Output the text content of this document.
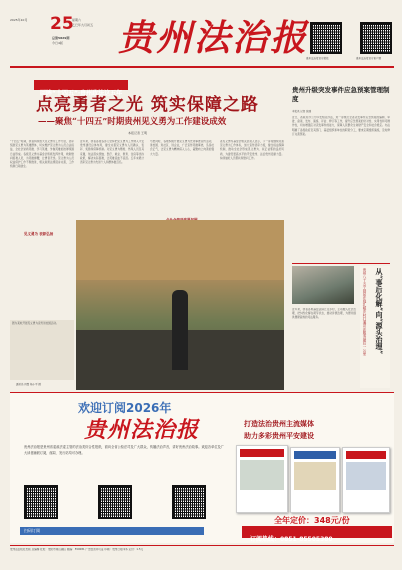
2025年10月 25
星期六
乙巳年九月初五
总第5829期
今日4版 贵州法治报
贵州法治报官方微信	贵州法治报官方客户端
回眸“十四五”·贵州政法这五年
点亮勇者之光 筑实保障之路
——聚焦“十四五”时期贵州见义勇为工作建设成效
本报记者 王明
“十四五”时期，我省持续加大见义勇为工作力度，表彰奖励见义勇为英雄群体，切实维护见义勇为人员合法权益，全社会崇尚英雄、学习英雄、争做英雄的浓厚氛围日益形成。各级见义勇为基金会积极发挥作用，救助慰问困难人员，为英雄撑腰，让勇者无忧。见义勇为人员权益保护工作不断推进，相关政策法规逐步完善，工作机制日趋健全。
见义勇为 表彰弘扬
近年来，我省各级各部门坚持把见义勇为工作纳入平安贵州建设总体布局，健全完善见义勇为人员确认、表彰、奖励和保障机制。对见义勇为牺牲、伤残人员及其家属，依法落实抚恤、医疗、就业、教育、住房等优待政策，解决实际困难，让英雄流血不流泪。五年来累计表彰见义勇为先进个人和群体数百名。
与此同时，各地积极开展见义勇为先进事迹宣传活动，进校园、进社区、进企业，广泛宣传英雄事迹，弘扬社会正气，让见义勇为精神深入人心，凝聚向上向善的强大力量。
省见义勇为基金会相关负责人表示，下一步将继续完善见义勇为工作体系，加大宣传表彰力度，健全权益保障机制，推动全社会形成见义勇为、扶正祛邪的良好风尚，为建设更高水平的平安贵州、法治贵州贡献力量。持续做好人员帮扶和慰问工作。
图为某地开展见义勇为宣传进校园活动。
通讯员 供图 杨小平 摄
贵州升级突发事件应急预案管理制度
本报讯 记者 张丽
近日，省政府办公厅印发相关办法，进一步规范全省突发事件应急预案的编制、审批、备案、发布、演练、评估、修订等工作，提升应急预案的针对性、实用性和可操作性，切实增强应对突发事件的能力，保障人民群众生命财产安全和社会稳定。办法明确了各级政府及其部门、基层组织和单位的职责分工，要求定期组织演练，及时修订完善预案。
近年来，我省各地基层法庭立足乡村，主动融入社会治理，把纠纷化解在萌芽状态，推动诉源治理，为群众提供便捷高效的司法服务。	从“事后化解”向“源头治理”
贵州八十五个基层法庭扎根乡村打通司法服务最后一公里
欢迎订阅2026年
贵州法治报
贵州法治报是贵州省委政法委主管的法治类综合性报纸，面向全省公检法司及广大群众，传播法治声音，讲好贵州法治故事。欢迎各单位及广大读者踊跃订阅，邮局、发行站均可办理。
扫码订阅
打造法治贵州主流媒体
助力多彩贵州平安建设
全年定价：348元/份
订阅热线：0851-85505380
贵州法治报社出版 总编辑 社址：贵阳市观山湖区 邮编：550081 广告经营许可证 印刷：贵州日报印务 定价：1.5元
